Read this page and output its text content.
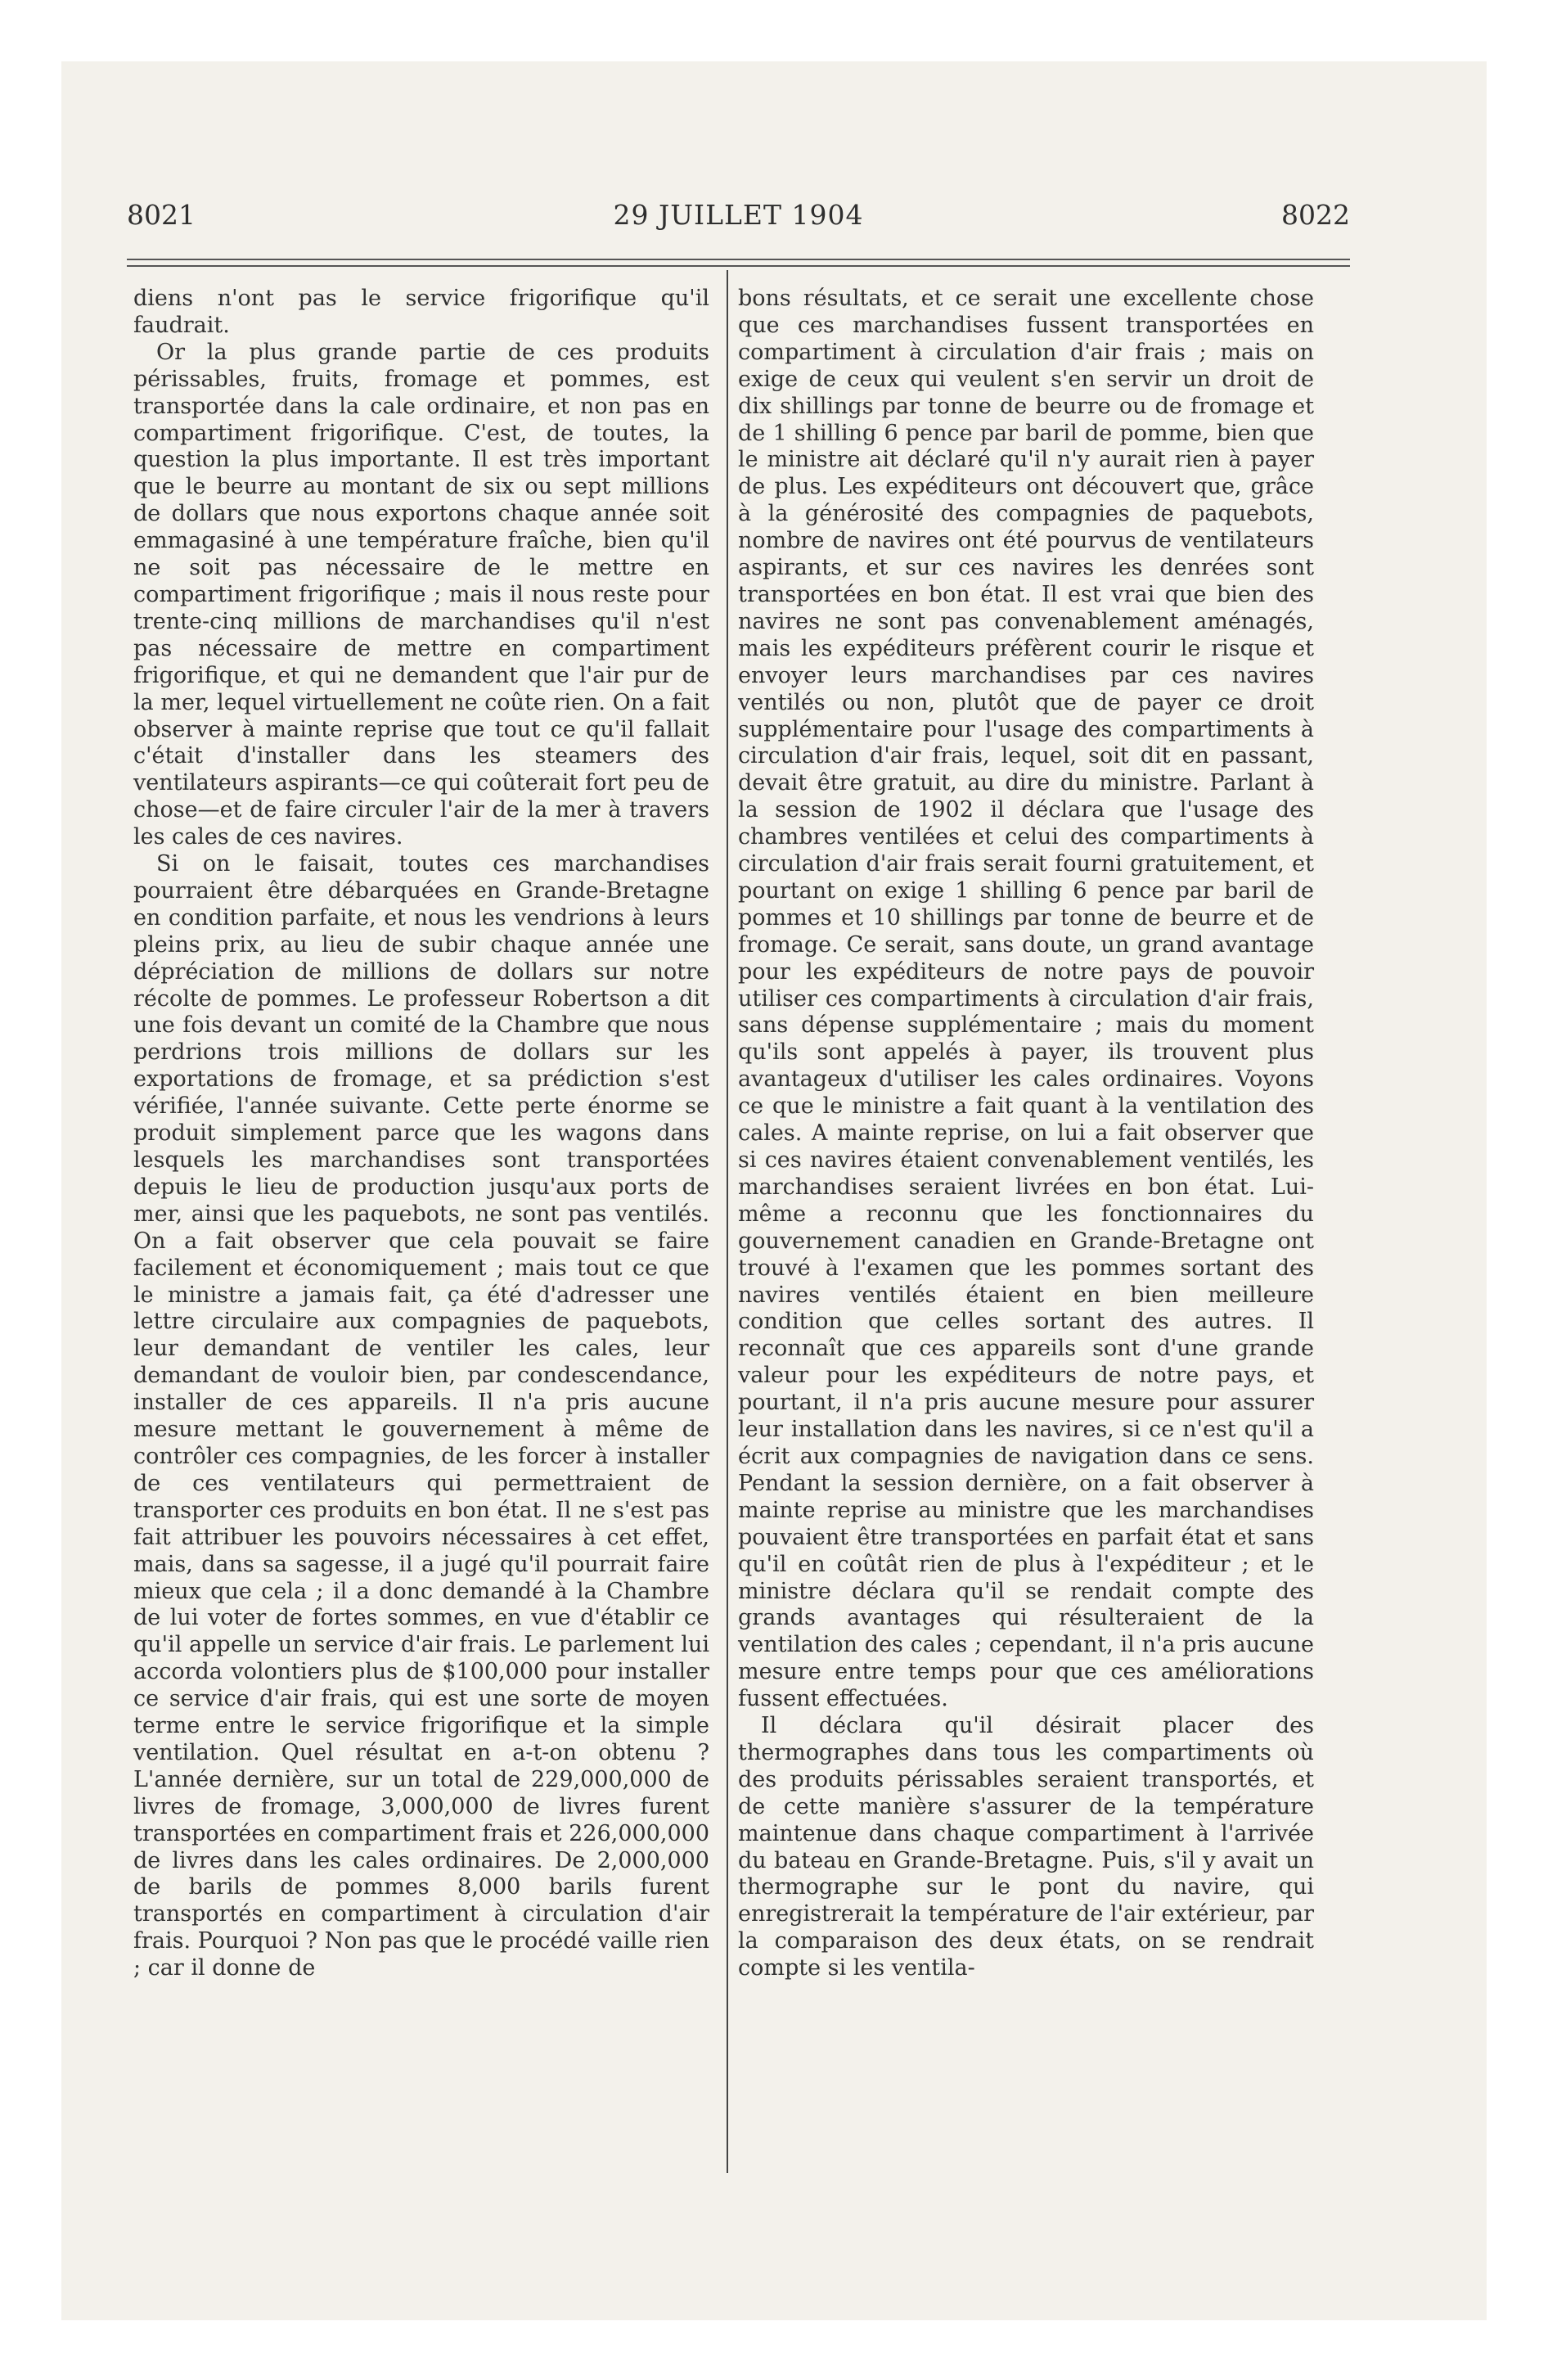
8021	29 JUILLET 1904	8022

diens n'ont pas le service frigorifique qu'il faudrait.

Or la plus grande partie de ces produits périssables, fruits, fromage et pommes, est transportée dans la cale ordinaire, et non pas en compartiment frigorifique. C'est, de toutes, la question la plus importante. Il est très important que le beurre au montant de six ou sept millions de dollars que nous exportons chaque année soit emmagasiné à une température fraîche, bien qu'il ne soit pas nécessaire de le mettre en compartiment frigorifique ; mais il nous reste pour trente-cinq millions de marchandises qu'il n'est pas nécessaire de mettre en compartiment frigorifique, et qui ne demandent que l'air pur de la mer, lequel virtuellement ne coûte rien. On a fait observer à mainte reprise que tout ce qu'il fallait c'était d'installer dans les steamers des ventilateurs aspirants—ce qui coûterait fort peu de chose—et de faire circuler l'air de la mer à travers les cales de ces navires.

Si on le faisait, toutes ces marchandises pourraient être débarquées en Grande-Bretagne en condition parfaite, et nous les vendrions à leurs pleins prix, au lieu de subir chaque année une dépréciation de millions de dollars sur notre récolte de pommes. Le professeur Robertson a dit une fois devant un comité de la Chambre que nous perdrions trois millions de dollars sur les exportations de fromage, et sa prédiction s'est vérifiée, l'année suivante. Cette perte énorme se produit simplement parce que les wagons dans lesquels les marchandises sont transportées depuis le lieu de production jusqu'aux ports de mer, ainsi que les paquebots, ne sont pas ventilés. On a fait observer que cela pouvait se faire facilement et économiquement ; mais tout ce que le ministre a jamais fait, ça été d'adresser une lettre circulaire aux compagnies de paquebots, leur demandant de ventiler les cales, leur demandant de vouloir bien, par condescendance, installer de ces appareils. Il n'a pris aucune mesure mettant le gouvernement à même de contrôler ces compagnies, de les forcer à installer de ces ventilateurs qui permettraient de transporter ces produits en bon état. Il ne s'est pas fait attribuer les pouvoirs nécessaires à cet effet, mais, dans sa sagesse, il a jugé qu'il pourrait faire mieux que cela ; il a donc demandé à la Chambre de lui voter de fortes sommes, en vue d'établir ce qu'il appelle un service d'air frais. Le parlement lui accorda volontiers plus de $100,000 pour installer ce service d'air frais, qui est une sorte de moyen terme entre le service frigorifique et la simple ventilation. Quel résultat en a-t-on obtenu ? L'année dernière, sur un total de 229,000,000 de livres de fromage, 3,000,000 de livres furent transportées en compartiment frais et 226,000,000 de livres dans les cales ordinaires. De 2,000,000 de barils de pommes 8,000 barils furent transportés en compartiment à circulation d'air frais. Pourquoi ? Non pas que le procédé vaille rien ; car il donne de

bons résultats, et ce serait une excellente chose que ces marchandises fussent transportées en compartiment à circulation d'air frais ; mais on exige de ceux qui veulent s'en servir un droit de dix shillings par tonne de beurre ou de fromage et de 1 shilling 6 pence par baril de pomme, bien que le ministre ait déclaré qu'il n'y aurait rien à payer de plus. Les expéditeurs ont découvert que, grâce à la générosité des compagnies de paquebots, nombre de navires ont été pourvus de ventilateurs aspirants, et sur ces navires les denrées sont transportées en bon état. Il est vrai que bien des navires ne sont pas convenablement aménagés, mais les expéditeurs préfèrent courir le risque et envoyer leurs marchandises par ces navires ventilés ou non, plutôt que de payer ce droit supplémentaire pour l'usage des compartiments à circulation d'air frais, lequel, soit dit en passant, devait être gratuit, au dire du ministre. Parlant à la session de 1902 il déclara que l'usage des chambres ventilées et celui des compartiments à circulation d'air frais serait fourni gratuitement, et pourtant on exige 1 shilling 6 pence par baril de pommes et 10 shillings par tonne de beurre et de fromage. Ce serait, sans doute, un grand avantage pour les expéditeurs de notre pays de pouvoir utiliser ces compartiments à circulation d'air frais, sans dépense supplémentaire ; mais du moment qu'ils sont appelés à payer, ils trouvent plus avantageux d'utiliser les cales ordinaires. Voyons ce que le ministre a fait quant à la ventilation des cales. A mainte reprise, on lui a fait observer que si ces navires étaient convenablement ventilés, les marchandises seraient livrées en bon état. Lui-même a reconnu que les fonctionnaires du gouvernement canadien en Grande-Bretagne ont trouvé à l'examen que les pommes sortant des navires ventilés étaient en bien meilleure condition que celles sortant des autres. Il reconnaît que ces appareils sont d'une grande valeur pour les expéditeurs de notre pays, et pourtant, il n'a pris aucune mesure pour assurer leur installation dans les navires, si ce n'est qu'il a écrit aux compagnies de navigation dans ce sens. Pendant la session dernière, on a fait observer à mainte reprise au ministre que les marchandises pouvaient être transportées en parfait état et sans qu'il en coûtât rien de plus à l'expéditeur ; et le ministre déclara qu'il se rendait compte des grands avantages qui résulteraient de la ventilation des cales ; cependant, il n'a pris aucune mesure entre temps pour que ces améliorations fussent effectuées.

Il déclara qu'il désirait placer des thermographes dans tous les compartiments où des produits périssables seraient transportés, et de cette manière s'assurer de la température maintenue dans chaque compartiment à l'arrivée du bateau en Grande-Bretagne. Puis, s'il y avait un thermographe sur le pont du navire, qui enregistrerait la température de l'air extérieur, par la comparaison des deux états, on se rendrait compte si les ventila-
